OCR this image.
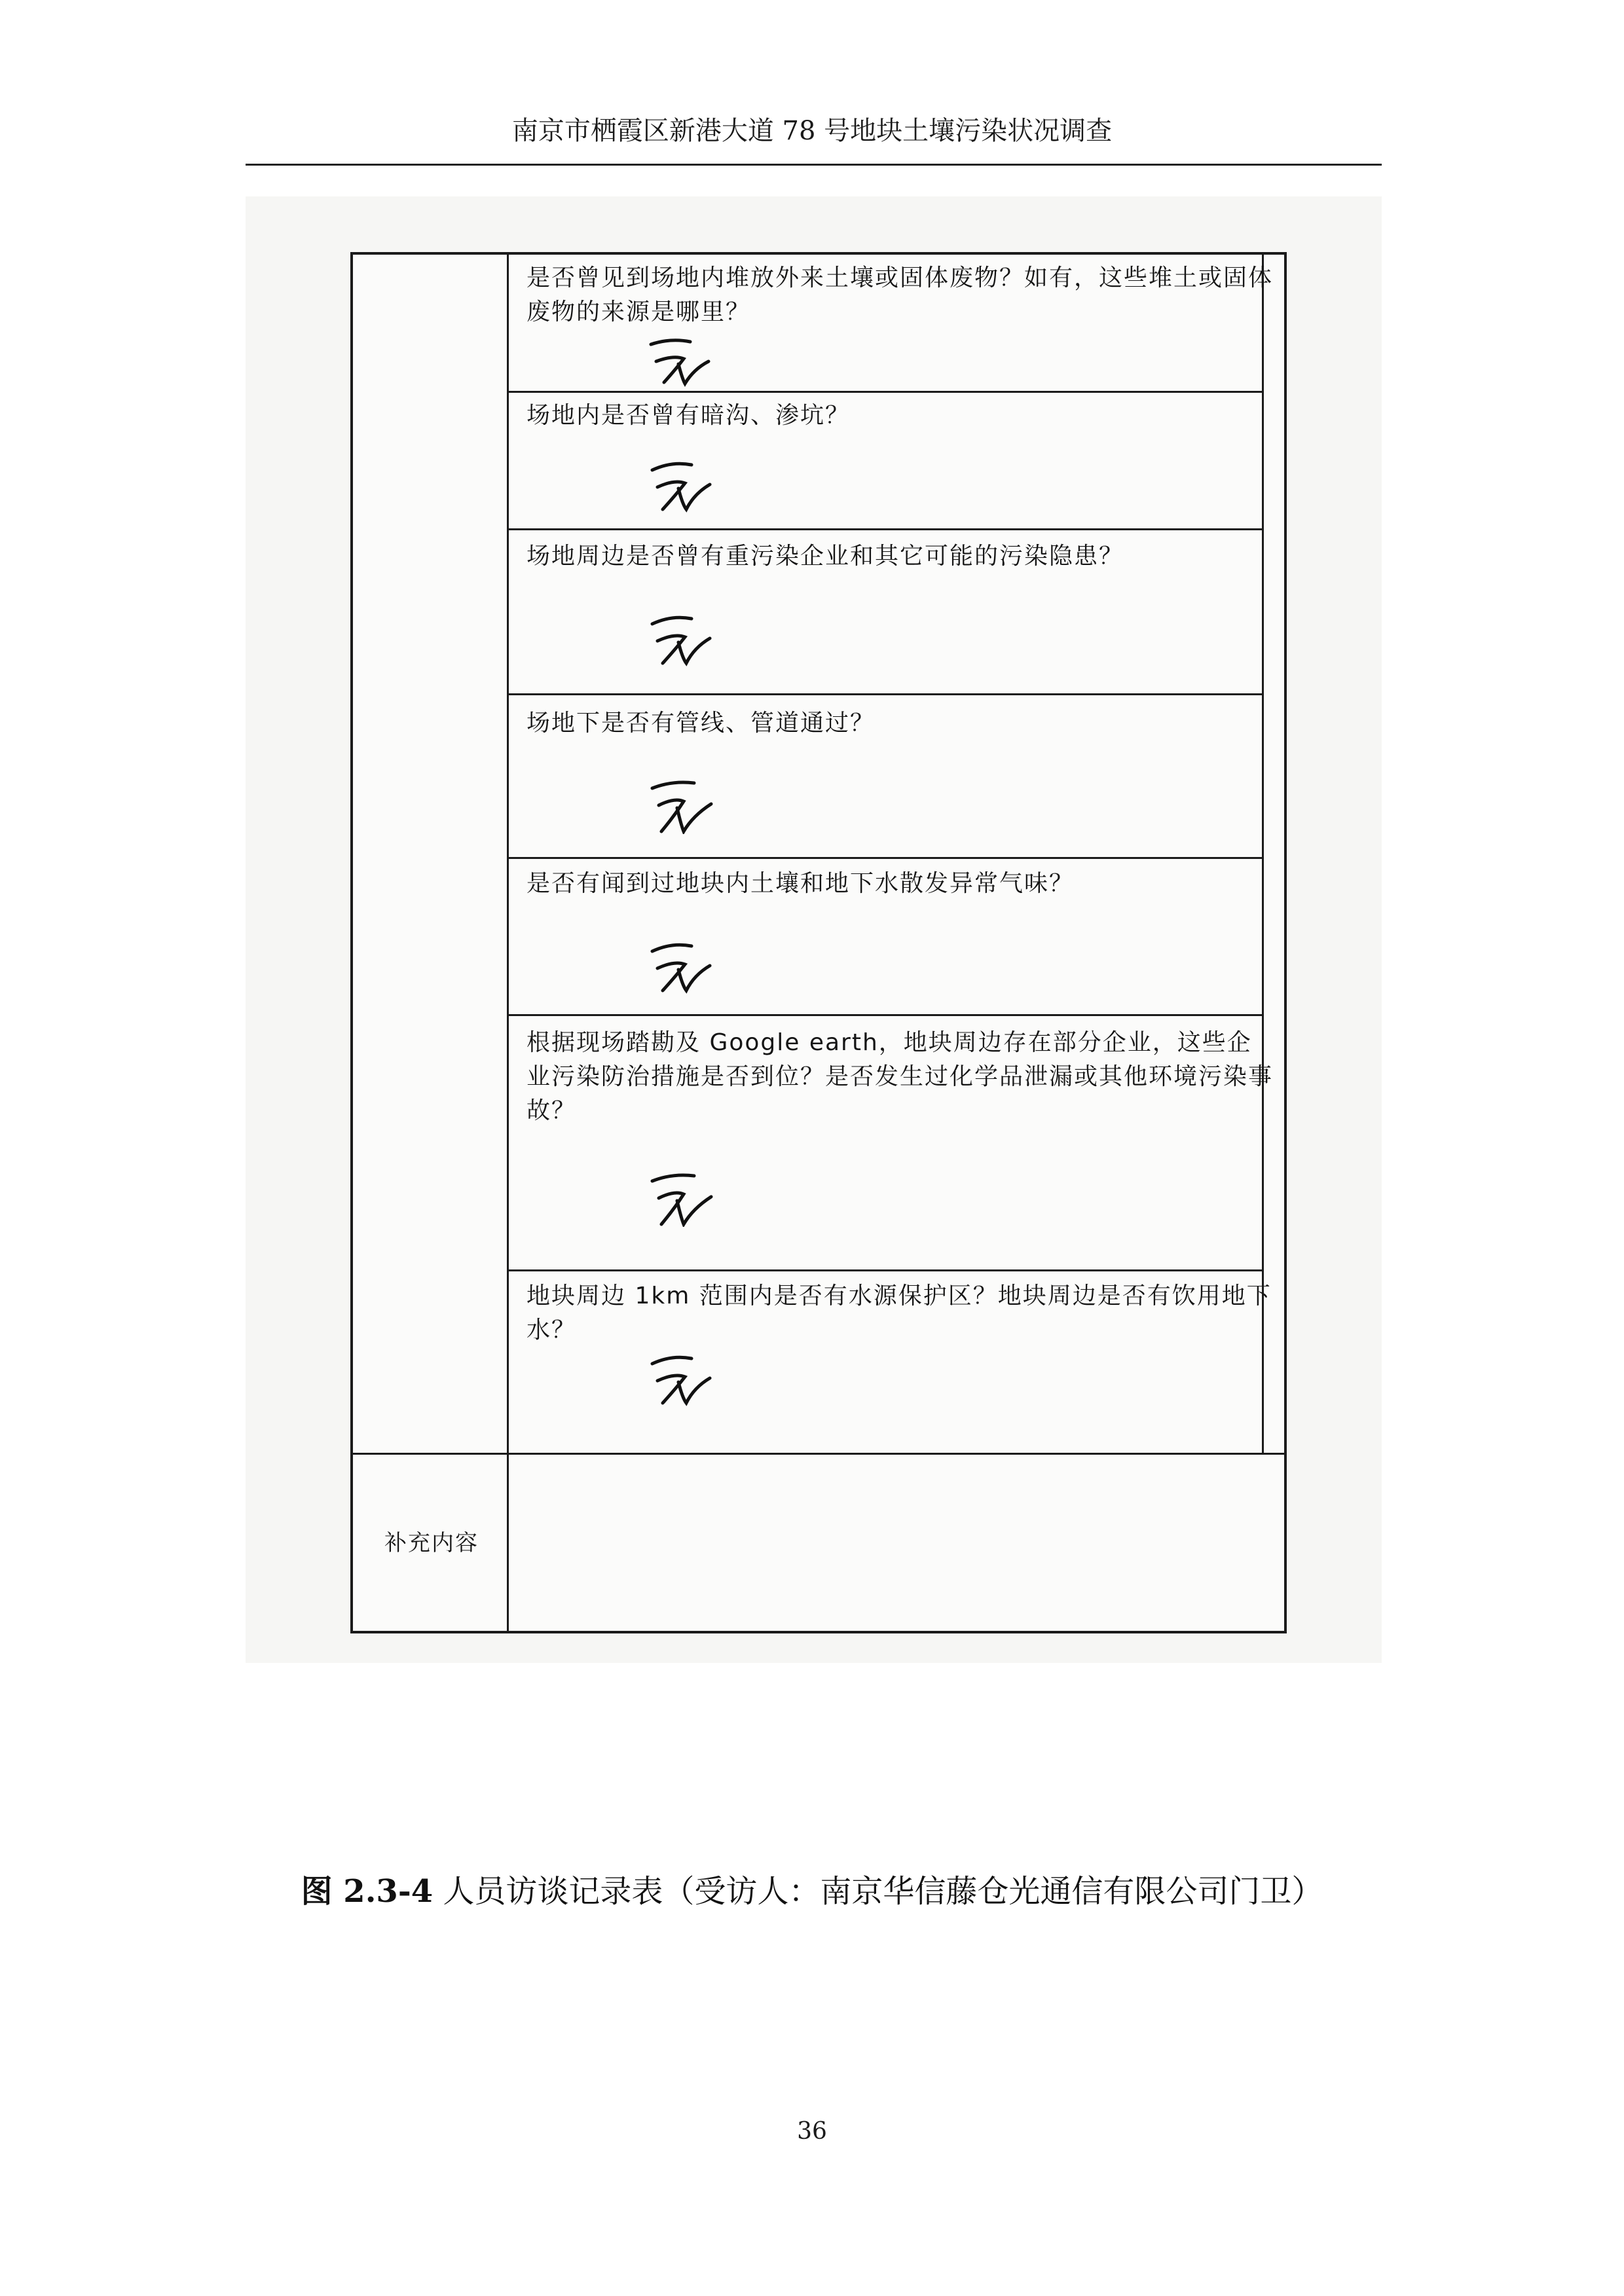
南京市栖霞区新港大道 78 号地块土壤污染状况调查
是否曾见到场地内堆放外来土壤或固体废物？如有，这些堆土或固体废物的来源是哪里？
场地内是否曾有暗沟、渗坑？
场地周边是否曾有重污染企业和其它可能的污染隐患？
场地下是否有管线、管道通过？
是否有闻到过地块内土壤和地下水散发异常气味？
根据现场踏勘及 Google earth，地块周边存在部分企业，这些企业污染防治措施是否到位？是否发生过化学品泄漏或其他环境污染事故？
地块周边 1km 范围内是否有水源保护区？地块周边是否有饮用地下水？
补充内容
图 2.3-4 人员访谈记录表（受访人：南京华信藤仓光通信有限公司门卫）
36
